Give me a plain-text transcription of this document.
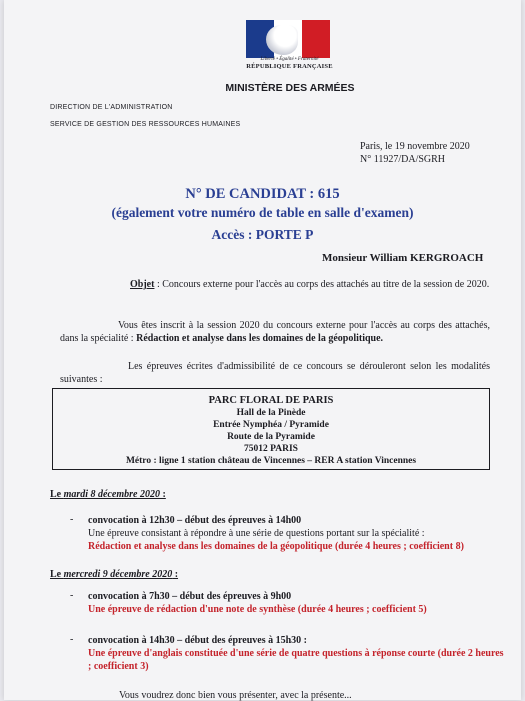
Liberté • Égalité • Fraternité
RÉPUBLIQUE FRANÇAISE
MINISTÈRE DES ARMÉES
DIRECTION DE L'ADMINISTRATION
SERVICE DE GESTION DES RESSOURCES HUMAINES
Paris, le 19 novembre 2020
N° 11927/DA/SGRH
N° DE CANDIDAT : 615
(également votre numéro de table en salle d'examen)
Accès : PORTE P
Monsieur William KERGROACH
Objet : Concours externe pour l'accès au corps des attachés au titre de la session de 2020.
Vous êtes inscrit à la session 2020 du concours externe pour l'accès au corps des attachés, dans la spécialité : Rédaction et analyse dans les domaines de la géopolitique.
Les épreuves écrites d'admissibilité de ce concours se dérouleront selon les modalités suivantes :
PARC FLORAL DE PARIS
Hall de la Pinède
Entrée Nymphéa / Pyramide
Route de la Pyramide
75012 PARIS
Métro : ligne 1 station château de Vincennes – RER A station Vincennes
Le mardi 8 décembre 2020 :
- convocation à 12h30 – début des épreuves à 14h00
Une épreuve consistant à répondre à une série de questions portant sur la spécialité :
Rédaction et analyse dans les domaines de la géopolitique (durée 4 heures ; coefficient 8)
Le mercredi 9 décembre 2020 :
- convocation à 7h30 – début des épreuves à 9h00
Une épreuve de rédaction d'une note de synthèse (durée 4 heures ; coefficient 5)
- convocation à 14h30 – début des épreuves à 15h30 :
Une épreuve d'anglais constituée d'une série de quatre questions à réponse courte (durée 2 heures ; coefficient 3)
Vous voudrez donc bien vous présenter, avec la présente...
